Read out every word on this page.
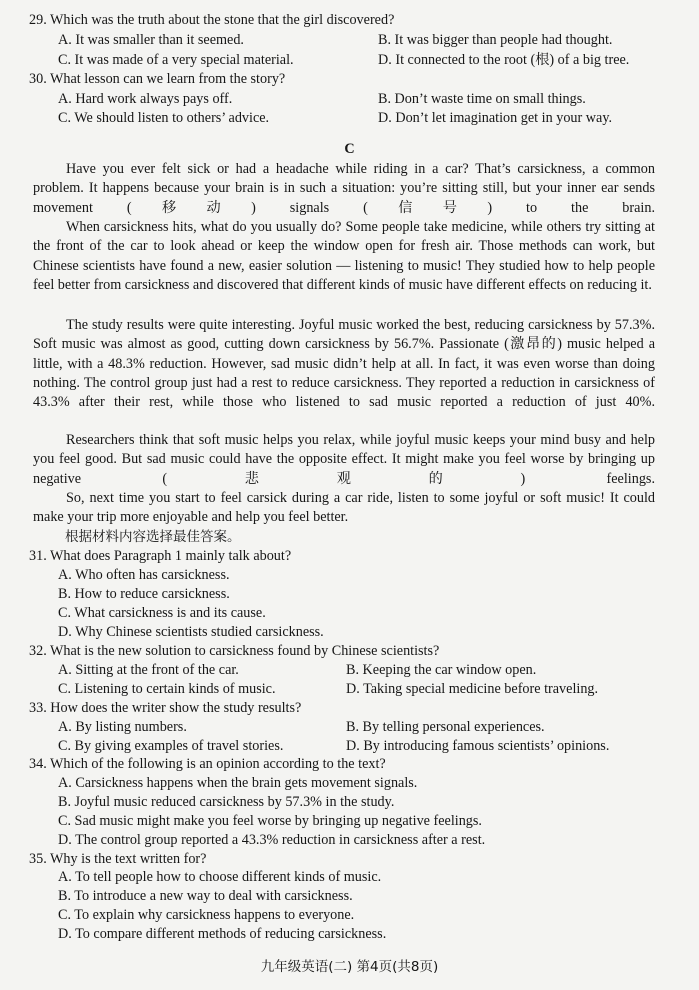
29. Which was the truth about the stone that the girl discovered?
A. It was smaller than it seemed.	B. It was bigger than people had thought.
C. It was made of a very special material.	D. It connected to the root (根) of a big tree.
30. What lesson can we learn from the story?
A. Hard work always pays off.	B. Don’t waste time on small things.
C. We should listen to others’ advice.	D. Don’t let imagination get in your way.
C
Have you ever felt sick or had a headache while riding in a car? That’s carsickness, a common problem. It happens because your brain is in such a situation: you’re sitting still, but your inner ear sends movement (移动) signals (信号) to the brain.
When carsickness hits, what do you usually do? Some people take medicine, while others try sitting at the front of the car to look ahead or keep the window open for fresh air. Those methods can work, but Chinese scientists have found a new, easier solution — listening to music! They studied how to help people feel better from carsickness and discovered that different kinds of music have different effects on reducing it.
The study results were quite interesting. Joyful music worked the best, reducing carsickness by 57.3%. Soft music was almost as good, cutting down carsickness by 56.7%. Passionate (激昂的) music helped a little, with a 48.3% reduction. However, sad music didn’t help at all. In fact, it was even worse than doing nothing. The control group just had a rest to reduce carsickness. They reported a reduction in carsickness of 43.3% after their rest, while those who listened to sad music reported a reduction of just 40%.
Researchers think that soft music helps you relax, while joyful music keeps your mind busy and help you feel good. But sad music could have the opposite effect. It might make you feel worse by bringing up negative (悲观的) feelings.
So, next time you start to feel carsick during a car ride, listen to some joyful or soft music! It could make your trip more enjoyable and help you feel better.
根据材料内容选择最佳答案。
31. What does Paragraph 1 mainly talk about?
A. Who often has carsickness.
B. How to reduce carsickness.
C. What carsickness is and its cause.
D. Why Chinese scientists studied carsickness.
32. What is the new solution to carsickness found by Chinese scientists?
A. Sitting at the front of the car.	B. Keeping the car window open.
C. Listening to certain kinds of music.	D. Taking special medicine before traveling.
33. How does the writer show the study results?
A. By listing numbers.	B. By telling personal experiences.
C. By giving examples of travel stories.	D. By introducing famous scientists’ opinions.
34. Which of the following is an opinion according to the text?
A. Carsickness happens when the brain gets movement signals.
B. Joyful music reduced carsickness by 57.3% in the study.
C. Sad music might make you feel worse by bringing up negative feelings.
D. The control group reported a 43.3% reduction in carsickness after a rest.
35. Why is the text written for?
A. To tell people how to choose different kinds of music.
B. To introduce a new way to deal with carsickness.
C. To explain why carsickness happens to everyone.
D. To compare different methods of reducing carsickness.
九年级英语(二) 第4页(共8页)
